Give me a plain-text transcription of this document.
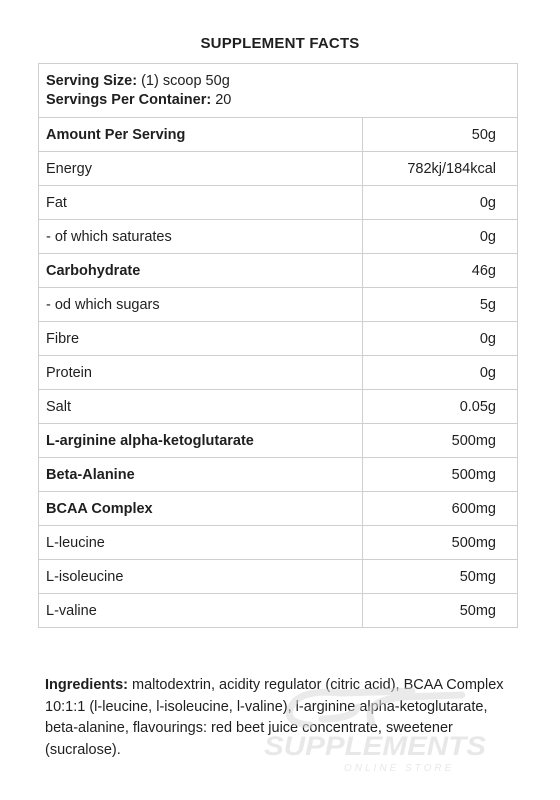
SUPPLEMENT FACTS
Serving Size: (1) scoop 50g
Servings Per Container: 20
Amount Per Serving	50g
Energy	782kj/184kcal
Fat	0g
- of which saturates	0g
Carbohydrate	46g
- od which sugars	5g
Fibre	0g
Protein	0g
Salt	0.05g
L-arginine alpha-ketoglutarate	500mg
Beta-Alanine	500mg
BCAA Complex	600mg
L-leucine	500mg
L-isoleucine	50mg
L-valine	50mg
Ingredients: maltodextrin, acidity regulator (citric acid), BCAA Complex 10:1:1 (l-leucine, l-isoleucine, l-valine), l-arginine alpha-ketoglutarate, beta-alanine, flavourings: red beet juice concentrate, sweetener (sucralose).	SUPPLEMENTS
ONLINE STORE
